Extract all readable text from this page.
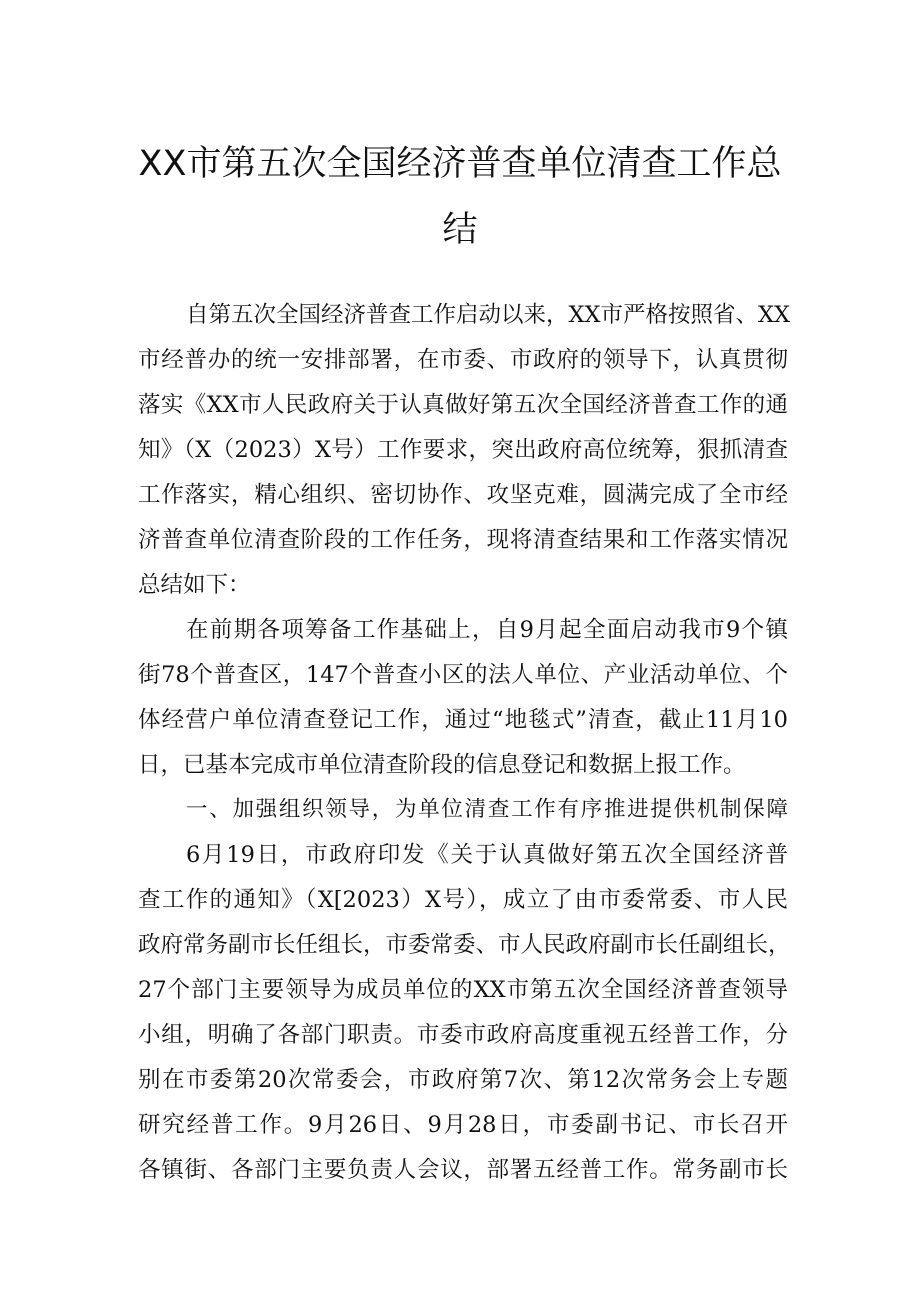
XX市第五次全国经济普查单位清查工作总
结
自第五次全国经济普查工作启动以来，XX市严格按照省、XX
市经普办的统一安排部署，在市委、市政府的领导下，认真贯彻
落实《XX市人民政府关于认真做好第五次全国经济普查工作的通
知》（X（2023）X号）工作要求，突出政府高位统筹，狠抓清查
工作落实，精心组织、密切协作、攻坚克难，圆满完成了全市经
济普查单位清查阶段的工作任务，现将清查结果和工作落实情况
总结如下：
在前期各项筹备工作基础上，自9月起全面启动我市9个镇
街78个普查区，147个普查小区的法人单位、产业活动单位、个
体经营户单位清查登记工作，通过“地毯式”清查，截止11月10
日，已基本完成市单位清查阶段的信息登记和数据上报工作。
一、加强组织领导，为单位清查工作有序推进提供机制保障
6月19日，市政府印发《关于认真做好第五次全国经济普
查工作的通知》（X[2023）X号），成立了由市委常委、市人民
政府常务副市长任组长，市委常委、市人民政府副市长任副组长，
27个部门主要领导为成员单位的XX市第五次全国经济普查领导
小组，明确了各部门职责。市委市政府高度重视五经普工作，分
别在市委第20次常委会，市政府第7次、第12次常务会上专题
研究经普工作。9月26日、9月28日，市委副书记、市长召开
各镇街、各部门主要负责人会议，部署五经普工作。常务副市长
